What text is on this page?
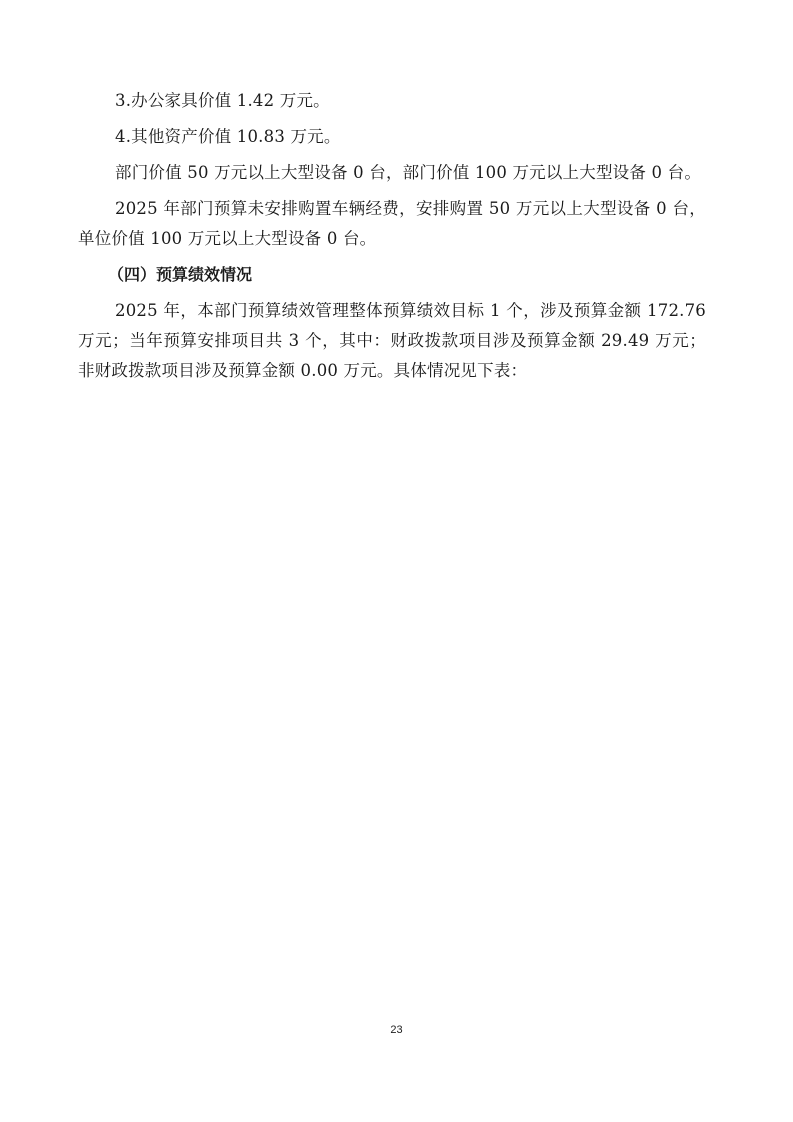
3.办公家具价值 1.42 万元。

4.其他资产价值 10.83 万元。

部门价值 50 万元以上大型设备 0 台，部门价值 100 万元以上大型设备 0 台。

2025 年部门预算未安排购置车辆经费，安排购置 50 万元以上大型设备 0 台，单位价值 100 万元以上大型设备 0 台。

（四）预算绩效情况

2025 年，本部门预算绩效管理整体预算绩效目标 1 个，涉及预算金额 172.76 万元；当年预算安排项目共 3 个，其中：财政拨款项目涉及预算金额 29.49 万元；非财政拨款项目涉及预算金额 0.00 万元。具体情况见下表：

23
